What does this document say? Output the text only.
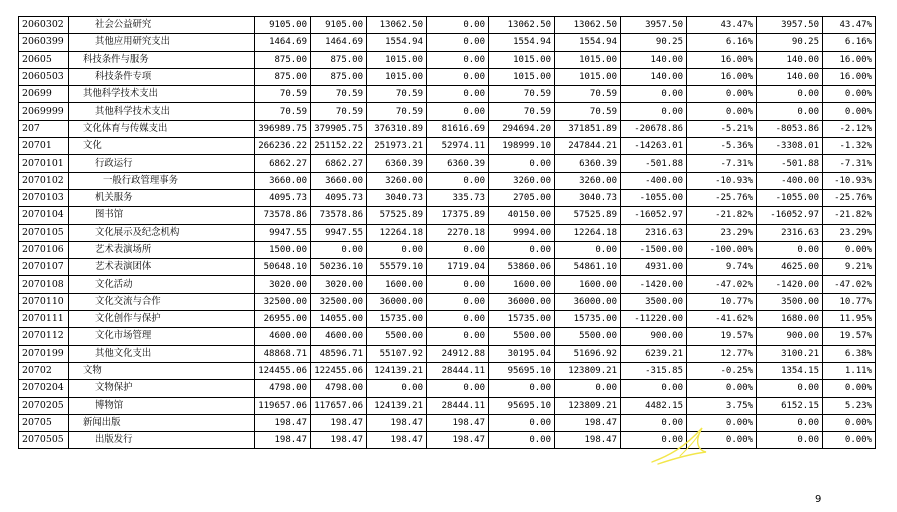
2060302	社会公益研究	9105.00	9105.00	13062.50	0.00	13062.50	13062.50	3957.50	43.47%	3957.50	43.47%
2060399	其他应用研究支出	1464.69	1464.69	1554.94	0.00	1554.94	1554.94	90.25	6.16%	90.25	6.16%
20605	科技条件与服务	875.00	875.00	1015.00	0.00	1015.00	1015.00	140.00	16.00%	140.00	16.00%
2060503	科技条件专项	875.00	875.00	1015.00	0.00	1015.00	1015.00	140.00	16.00%	140.00	16.00%
20699	其他科学技术支出	70.59	70.59	70.59	0.00	70.59	70.59	0.00	0.00%	0.00	0.00%
2069999	其他科学技术支出	70.59	70.59	70.59	0.00	70.59	70.59	0.00	0.00%	0.00	0.00%
207	文化体育与传媒支出	396989.75	379905.75	376310.89	81616.69	294694.20	371851.89	-20678.86	-5.21%	-8053.86	-2.12%
20701	文化	266236.22	251152.22	251973.21	52974.11	198999.10	247844.21	-14263.01	-5.36%	-3308.01	-1.32%
2070101	行政运行	6862.27	6862.27	6360.39	6360.39	0.00	6360.39	-501.88	-7.31%	-501.88	-7.31%
2070102	一般行政管理事务	3660.00	3660.00	3260.00	0.00	3260.00	3260.00	-400.00	-10.93%	-400.00	-10.93%
2070103	机关服务	4095.73	4095.73	3040.73	335.73	2705.00	3040.73	-1055.00	-25.76%	-1055.00	-25.76%
2070104	图书馆	73578.86	73578.86	57525.89	17375.89	40150.00	57525.89	-16052.97	-21.82%	-16052.97	-21.82%
2070105	文化展示及纪念机构	9947.55	9947.55	12264.18	2270.18	9994.00	12264.18	2316.63	23.29%	2316.63	23.29%
2070106	艺术表演场所	1500.00	0.00	0.00	0.00	0.00	0.00	-1500.00	-100.00%	0.00	0.00%
2070107	艺术表演团体	50648.10	50236.10	55579.10	1719.04	53860.06	54861.10	4931.00	9.74%	4625.00	9.21%
2070108	文化活动	3020.00	3020.00	1600.00	0.00	1600.00	1600.00	-1420.00	-47.02%	-1420.00	-47.02%
2070110	文化交流与合作	32500.00	32500.00	36000.00	0.00	36000.00	36000.00	3500.00	10.77%	3500.00	10.77%
2070111	文化创作与保护	26955.00	14055.00	15735.00	0.00	15735.00	15735.00	-11220.00	-41.62%	1680.00	11.95%
2070112	文化市场管理	4600.00	4600.00	5500.00	0.00	5500.00	5500.00	900.00	19.57%	900.00	19.57%
2070199	其他文化支出	48868.71	48596.71	55107.92	24912.88	30195.04	51696.92	6239.21	12.77%	3100.21	6.38%
20702	文物	124455.06	122455.06	124139.21	28444.11	95695.10	123809.21	-315.85	-0.25%	1354.15	1.11%
2070204	文物保护	4798.00	4798.00	0.00	0.00	0.00	0.00	0.00	0.00%	0.00	0.00%
2070205	博物馆	119657.06	117657.06	124139.21	28444.11	95695.10	123809.21	4482.15	3.75%	6152.15	5.23%
20705	新闻出版	198.47	198.47	198.47	198.47	0.00	198.47	0.00	0.00%	0.00	0.00%
2070505	出版发行	198.47	198.47	198.47	198.47	0.00	198.47	0.00	0.00%	0.00	0.00%
9
